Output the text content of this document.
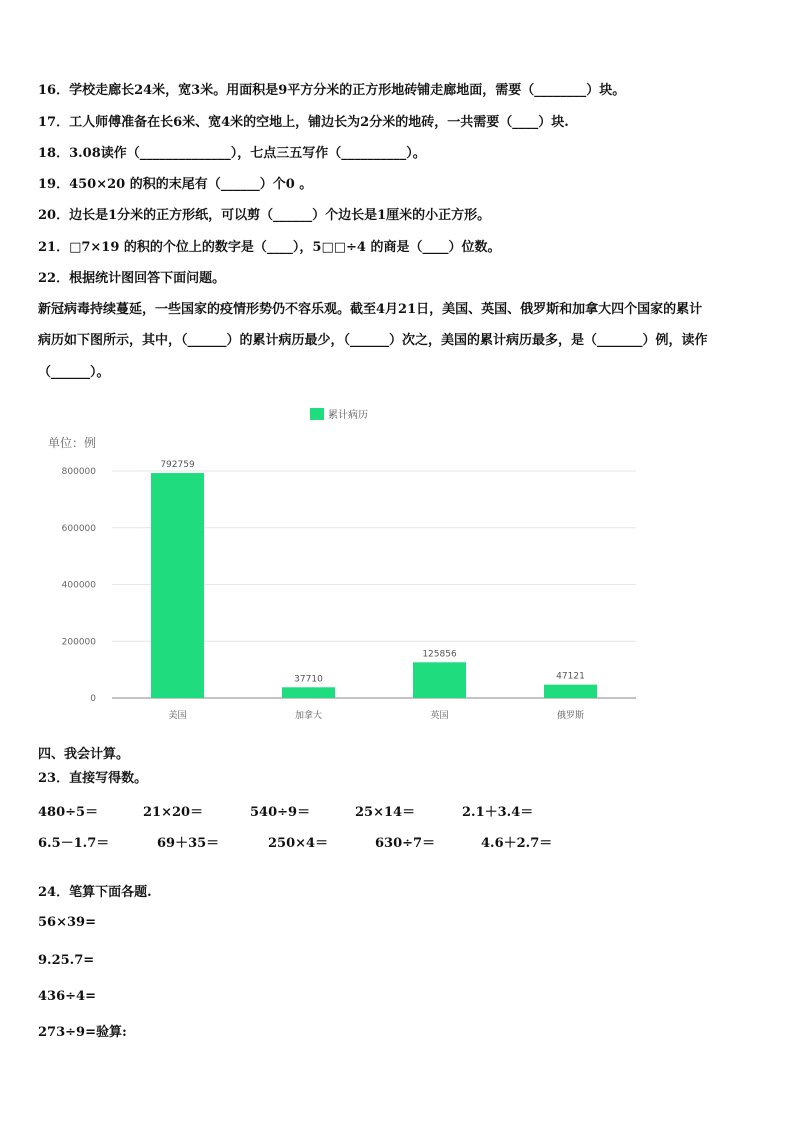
16．学校走廊长24米，宽3米。用面积是9平方分米的正方形地砖铺走廊地面，需要（________）块。
17．工人师傅准备在长6米、宽4米的空地上，铺边长为2分米的地砖，一共需要（____）块.
18．3.08读作（______________），七点三五写作（__________）。
19．450×20 的积的末尾有（______）个0 。
20．边长是1分米的正方形纸，可以剪（______）个边长是1厘米的小正方形。
21．□7×19 的积的个位上的数字是（____），5□□÷4 的商是（____）位数。
22．根据统计图回答下面问题。
新冠病毒持续蔓延，一些国家的疫情形势仍不容乐观。截至4月21日，美国、英国、俄罗斯和加拿大四个国家的累计
病历如下图所示，其中，（______）的累计病历最少，（______）次之，美国的累计病历最多，是（_______）例，读作
（______）。
累计病历
单位：例
0
200000
400000
600000
800000
792759
37710
125856
47121
美国	加拿大	英国	俄罗斯
四、我会计算。
23．直接写得数。
480÷5＝	21×20＝	540÷9＝	25×14＝	2.1＋3.4＝
6.5－1.7＝	69＋35＝	250×4＝	630÷7＝	4.6＋2.7＝
24．笔算下面各题.
56×39=
9.25.7=
436÷4=
273÷9=验算:
